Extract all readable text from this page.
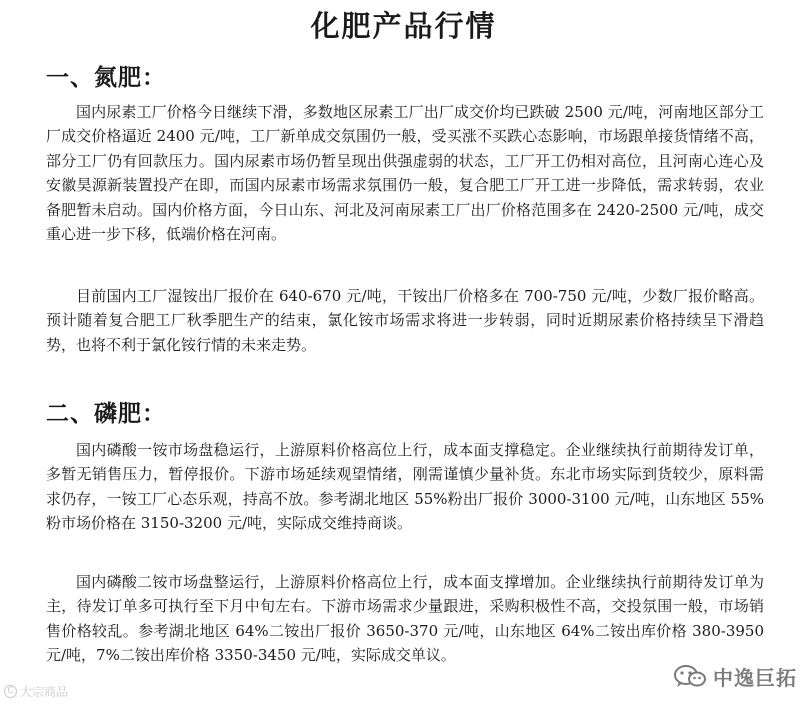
化肥产品行情
一、氮肥：

国内尿素工厂价格今日继续下滑，多数地区尿素工厂出厂成交价均已跌破 2500 元/吨，河南地区部分工厂成交价格逼近 2400 元/吨，工厂新单成交氛围仍一般，受买涨不买跌心态影响，市场跟单接货情绪不高，部分工厂仍有回款压力。国内尿素市场仍暂呈现出供强虚弱的状态，工厂开工仍相对高位，且河南心连心及安徽昊源新装置投产在即，而国内尿素市场需求氛围仍一般，复合肥工厂开工进一步降低，需求转弱，农业备肥暂未启动。国内价格方面，今日山东、河北及河南尿素工厂出厂价格范围多在 2420-2500 元/吨，成交重心进一步下移，低端价格在河南。

目前国内工厂湿铵出厂报价在 640-670 元/吨，干铵出厂价格多在 700-750 元/吨，少数厂报价略高。预计随着复合肥工厂秋季肥生产的结束，氯化铵市场需求将进一步转弱，同时近期尿素价格持续呈下滑趋势，也将不利于氯化铵行情的未来走势。

二、磷肥：

国内磷酸一铵市场盘稳运行，上游原料价格高位上行，成本面支撑稳定。企业继续执行前期待发订单，多暂无销售压力，暂停报价。下游市场延续观望情绪，刚需谨慎少量补货。东北市场实际到货较少，原料需求仍存，一铵工厂心态乐观，持高不放。参考湖北地区 55%粉出厂报价 3000-3100 元/吨，山东地区 55%粉市场价格在 3150-3200 元/吨，实际成交维持商谈。

国内磷酸二铵市场盘整运行，上游原料价格高位上行，成本面支撑增加。企业继续执行前期待发订单为主，待发订单多可执行至下月中旬左右。下游市场需求少量跟进，采购积极性不高，交投氛围一般，市场销售价格较乱。参考湖北地区 64%二铵出厂报价 3650-370 元/吨，山东地区 64%二铵出库价格 380-3950 元/吨，7%二铵出库价格 3350-3450 元/吨，实际成交单议。

C 大宗商品
中逸巨拓
